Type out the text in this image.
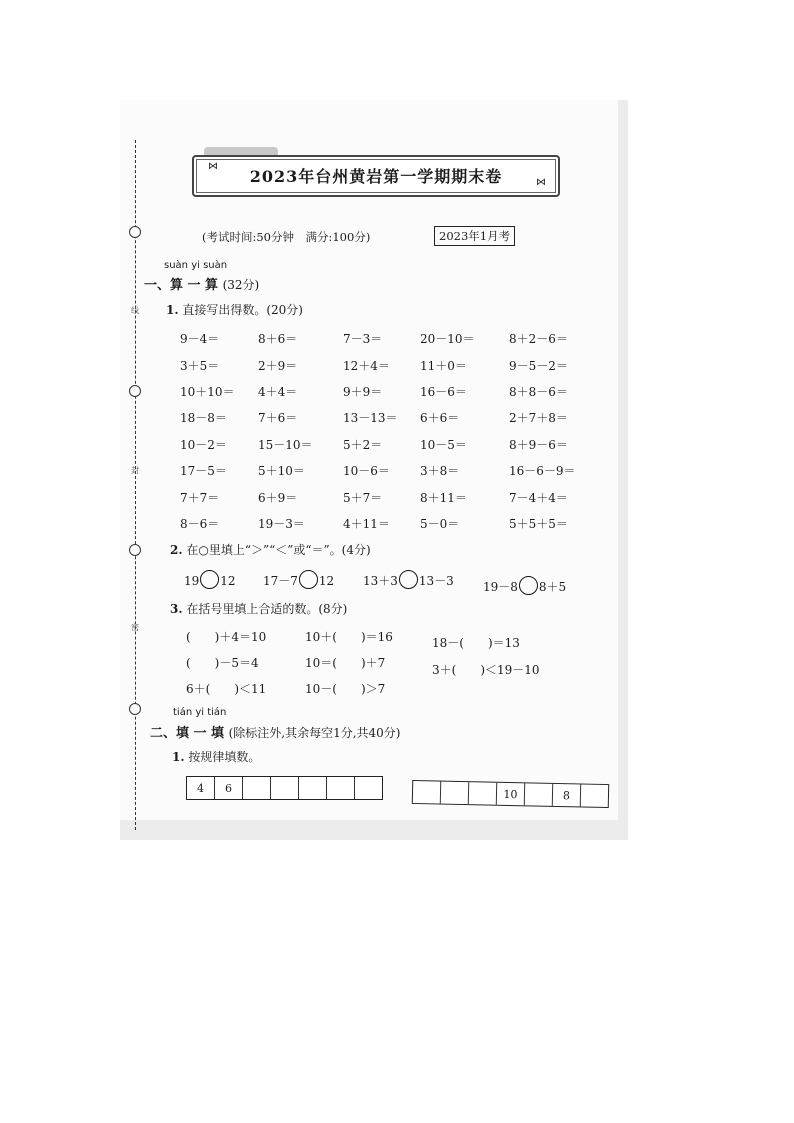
线
封
密
⋈
2023年台州黄岩第一学期期末卷	⋈
(考试时间:50分钟　满分:100分)	2023年1月考
suàn yi suàn
一、算 一 算 (32分)
1. 直接写出得数。(20分)
9－4＝	8＋6＝	7－3＝	20－10＝	8＋2－6＝
3＋5＝	2＋9＝	12＋4＝	11＋0＝	9－5－2＝
10＋10＝ 4＋4＝	9＋9＝	16－6＝	8＋8－6＝
18－8＝	7＋6＝	13－13＝ 6＋6＝	2＋7＋8＝
10－2＝	15－10＝	5＋2＝	10－5＝	8＋9－6＝
17－5＝	5＋10＝	10－6＝	3＋8＝	16－6－9＝
7＋7＝	6＋9＝	5＋7＝	8＋11＝	7－4＋4＝
8－6＝	19－3＝	4＋11＝	5－0＝	5＋5＋5＝
2. 在○里填上“＞”“＜”或“＝”。(4分)
19 12 17－7 12 13＋3 13－3 19－8 8＋5
3. 在括号里填上合适的数。(8分)
(　　)＋4＝10	10＋(　　)＝16	18－(　　)＝13
(　　)－5＝4	10＝(　　)＋7	3＋(　　)＜19－10
6＋(　　)＜11	10－(　　)＞7
tián yi tián
二、填 一 填 (除标注外,其余每空1分,共40分)
1. 按规律填数。
4	6	10	8
